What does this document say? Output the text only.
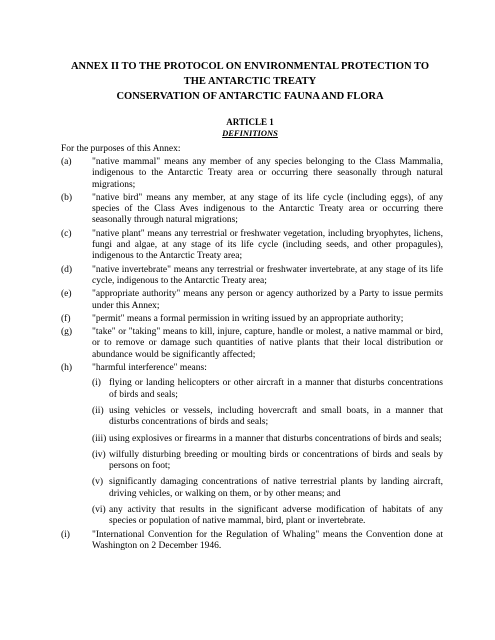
ANNEX II TO THE PROTOCOL ON ENVIRONMENTAL PROTECTION TO
THE ANTARCTIC TREATY
CONSERVATION OF ANTARCTIC FAUNA AND FLORA
ARTICLE 1
DEFINITIONS
For the purposes of this Annex:
(a)	"native mammal" means any member of any species belonging to the Class Mammalia, indigenous to the Antarctic Treaty area or occurring there seasonally through natural migrations;
(b)	"native bird" means any member, at any stage of its life cycle (including eggs), of any species of the Class Aves indigenous to the Antarctic Treaty area or occurring there seasonally through natural migrations;
(c)	"native plant" means any terrestrial or freshwater vegetation, including bryophytes, lichens, fungi and algae, at any stage of its life cycle (including seeds, and other propagules), indigenous to the Antarctic Treaty area;
(d)	"native invertebrate" means any terrestrial or freshwater invertebrate, at any stage of its life cycle, indigenous to the Antarctic Treaty area;
(e)	"appropriate authority" means any person or agency authorized by a Party to issue permits under this Annex;
(f)	"permit" means a formal permission in writing issued by an appropriate authority;
(g)	"take" or "taking" means to kill, injure, capture, handle or molest, a native mammal or bird, or to remove or damage such quantities of native plants that their local distribution or abundance would be significantly affected;
(h)	"harmful interference" means:
(i) flying or landing helicopters or other aircraft in a manner that disturbs concentrations of birds and seals;
(ii) using vehicles or vessels, including hovercraft and small boats, in a manner that disturbs concentrations of birds and seals;
(iii) using explosives or firearms in a manner that disturbs concentrations of birds and seals;
(iv) wilfully disturbing breeding or moulting birds or concentrations of birds and seals by persons on foot;
(v) significantly damaging concentrations of native terrestrial plants by landing aircraft, driving vehicles, or walking on them, or by other means; and
(vi) any activity that results in the significant adverse modification of habitats of any species or population of native mammal, bird, plant or invertebrate.
(i)	"International Convention for the Regulation of Whaling" means the Convention done at Washington on 2 December 1946.
